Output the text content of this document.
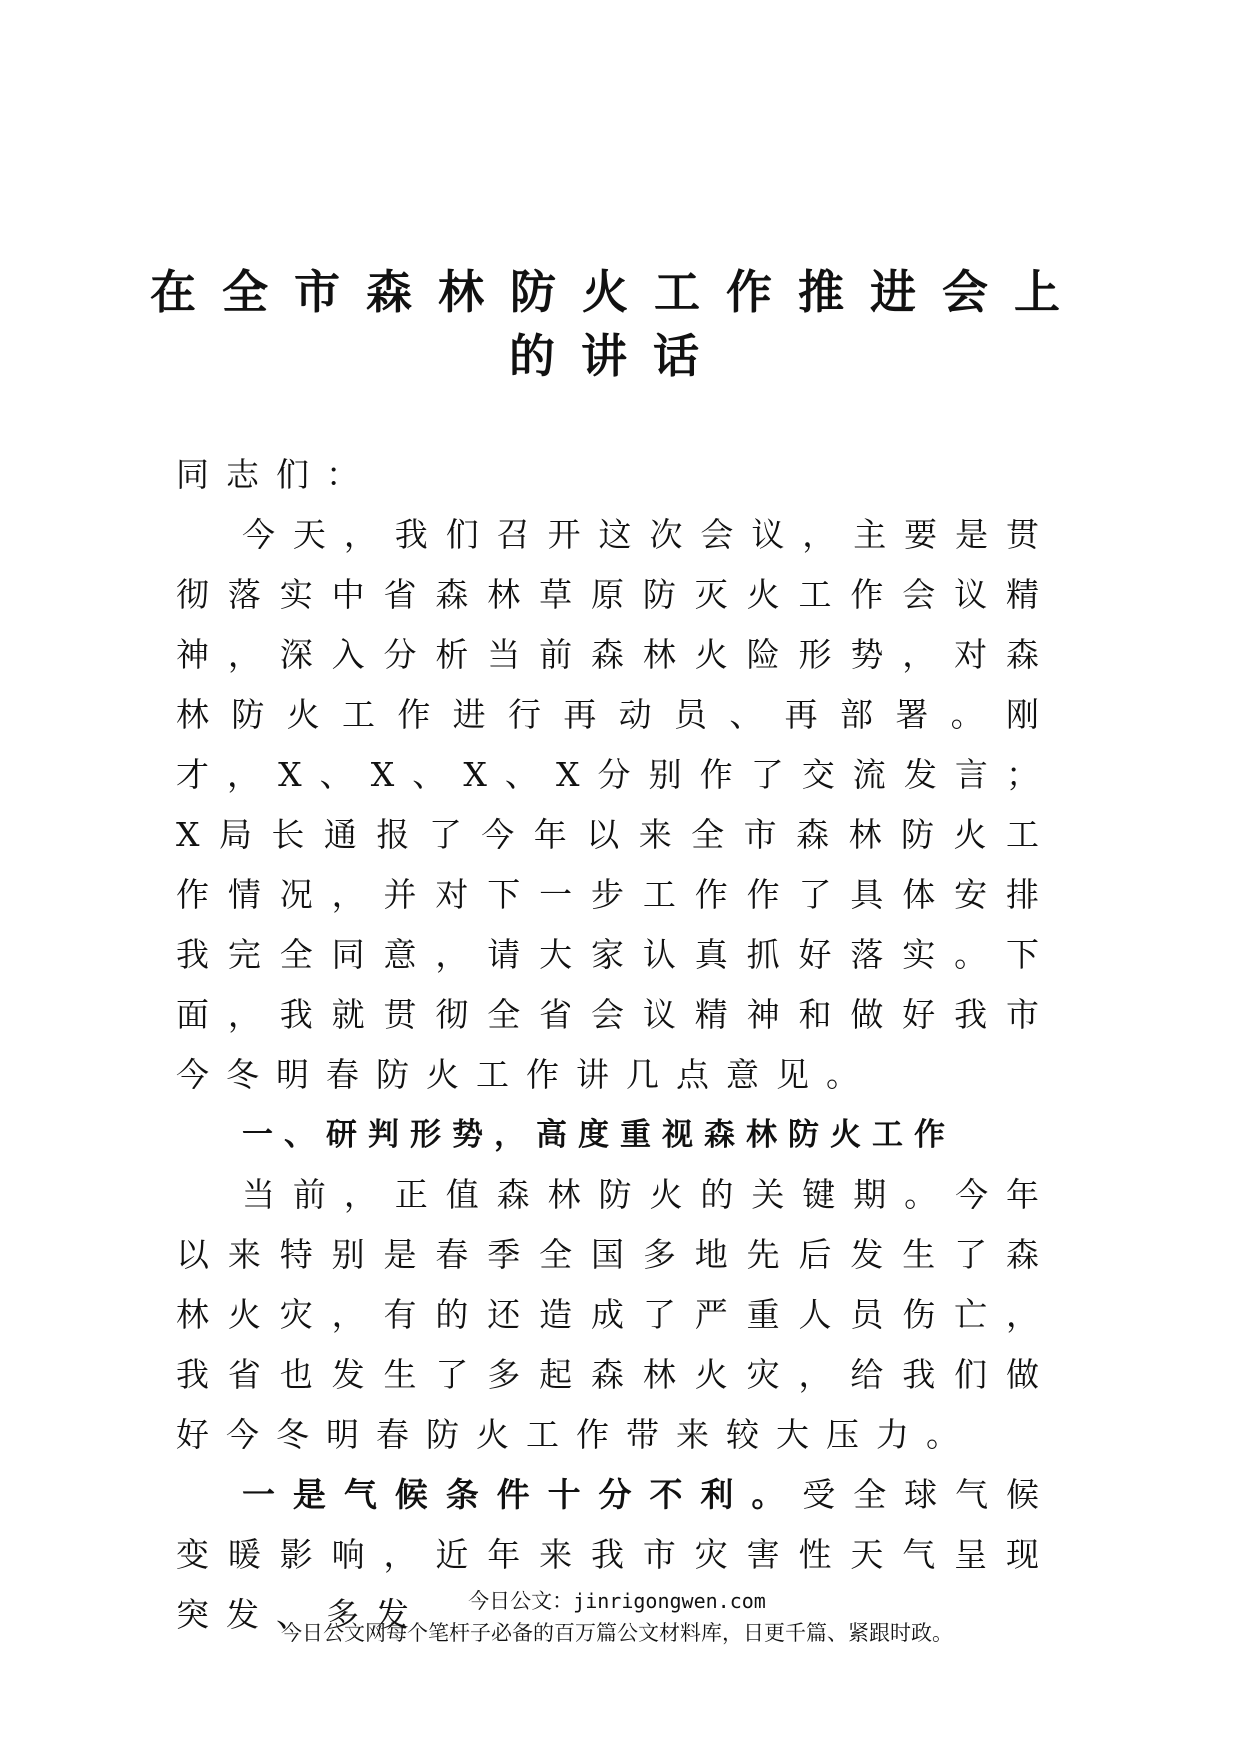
在全市森林防火工作推进会上
的讲话

同志们：

今天，我们召开这次会议，主要是贯彻落实中省森林草原防灭火工作会议精神，深入分析当前森林火险形势，对森林防火工作进行再动员、再部署。刚才，X、X、X、X分别作了交流发言；X局长通报了今年以来全市森林防火工作情况，并对下一步工作作了具体安排我完全同意，请大家认真抓好落实。下面，我就贯彻全省会议精神和做好我市今冬明春防火工作讲几点意见。

一、研判形势，高度重视森林防火工作

当前，正值森林防火的关键期。今年以来特别是春季全国多地先后发生了森林火灾，有的还造成了严重人员伤亡，我省也发生了多起森林火灾，给我们做好今冬明春防火工作带来较大压力。

一是气候条件十分不利。受全球气候变暖影响，近年来我市灾害性天气呈现突发、多发	今日公文：jinrigongwen.com
今日公文网每个笔杆子必备的百万篇公文材料库，日更千篇、紧跟时政。
